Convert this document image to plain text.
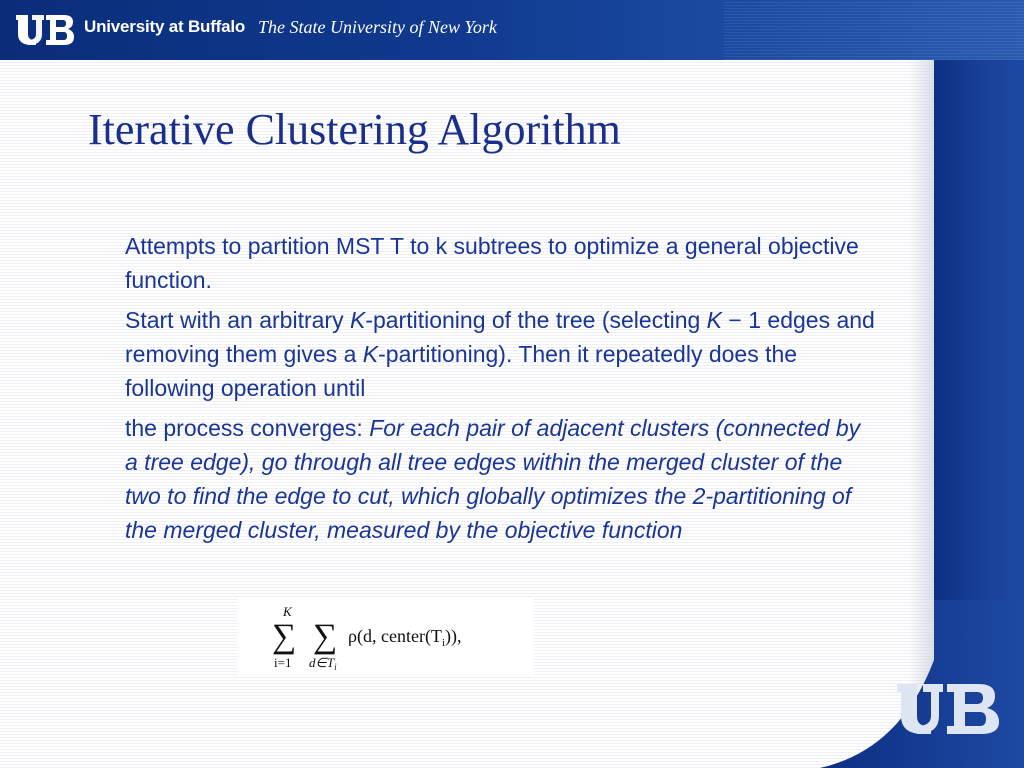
University at Buffalo The State University of New York
Iterative Clustering Algorithm

Attempts to partition MST T to k subtrees to optimize a general objective function.

Start with an arbitrary K-partitioning of the tree (selecting K − 1 edges and removing them gives a K-partitioning). Then it repeatedly does the following operation until

the process converges: For each pair of adjacent clusters (connected by a tree edge), go through all tree edges within the merged cluster of the two to find the edge to cut, which globally optimizes the 2-partitioning of the merged cluster, measured by the objective function

K
∑
i=1
∑
$d\in T_i$
ρ(d, $center(T_i)$),
